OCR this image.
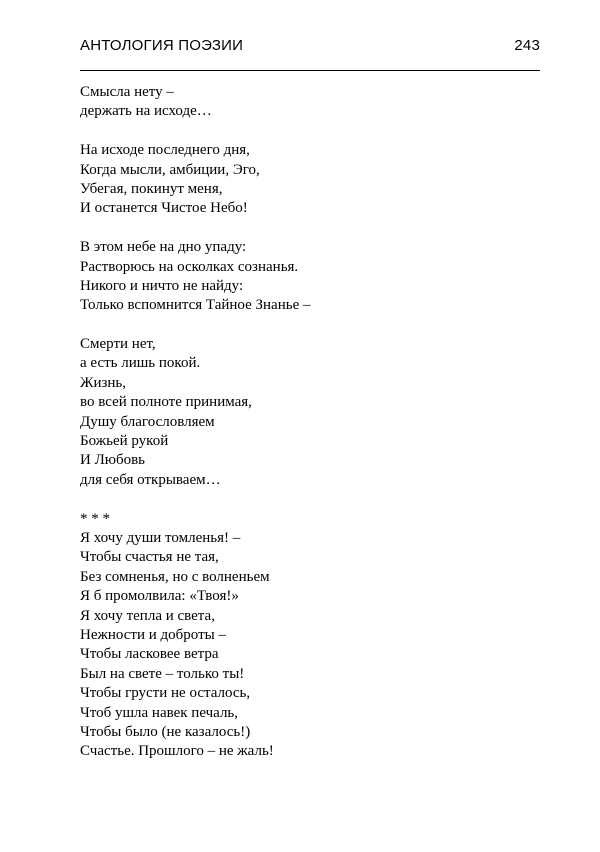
АНТОЛОГИЯ ПОЭЗИИ	243
Смысла нету –
держать на исходе…
На исходе последнего дня,
Когда мысли, амбиции, Эго,
Убегая, покинут меня,
И останется Чистое Небо!
В этом небе на дно упаду:
Растворюсь на осколках сознанья.
Никого и ничто не найду:
Только вспомнится Тайное Знанье –
Смерти нет,
а есть лишь покой.
Жизнь,
во всей полноте принимая,
Душу благословляем
Божьей рукой
И Любовь
для себя открываем…
* * *
Я хочу души томленья! –
Чтобы счастья не тая,
Без сомненья, но с волненьем
Я б промолвила: «Твоя!»
Я хочу тепла и света,
Нежности и доброты –
Чтобы ласковее ветра
Был на свете – только ты!
Чтобы грусти не осталось,
Чтоб ушла навек печаль,
Чтобы было (не казалось!)
Счастье. Прошлого – не жаль!
